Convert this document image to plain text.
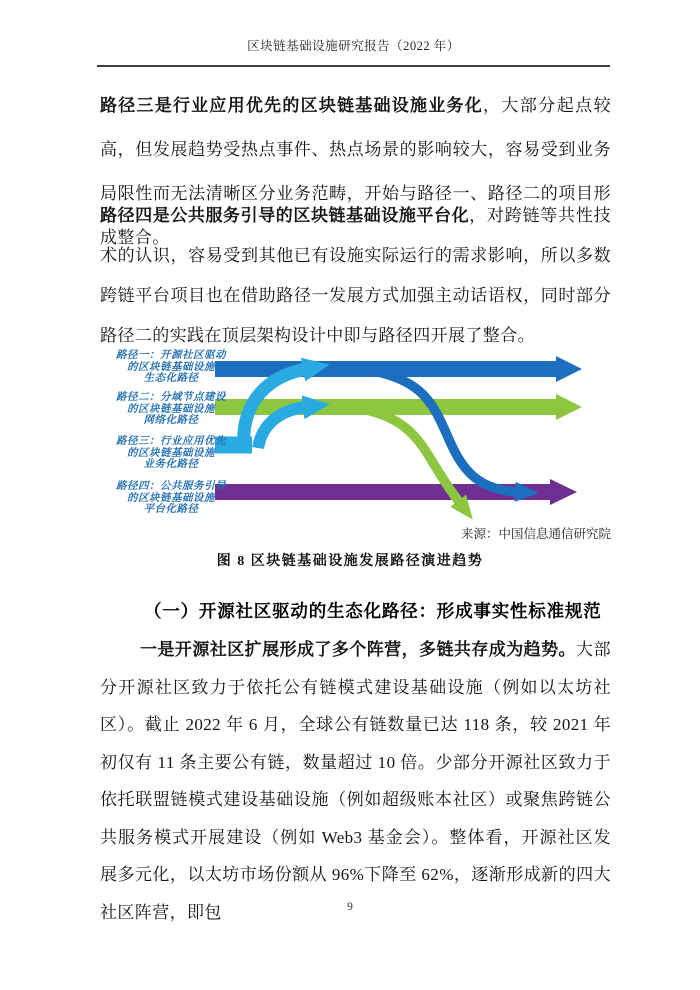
区块链基础设施研究报告（2022 年）
路径三是行业应用优先的区块链基础设施业务化，大部分起点较高，但发展趋势受热点事件、热点场景的影响较大，容易受到业务局限性而无法清晰区分业务范畴，开始与路径一、路径二的项目形成整合。
路径四是公共服务引导的区块链基础设施平台化，对跨链等共性技术的认识，容易受到其他已有设施实际运行的需求影响，所以多数跨链平台项目也在借助路径一发展方式加强主动话语权，同时部分路径二的实践在顶层架构设计中即与路径四开展了整合。
路径一：开源社区驱动
的区块链基础设施
生态化路径
路径二：分域节点建设
的区块链基础设施
网络化路径
路径三：行业应用优先
的区块链基础设施
业务化路径
路径四：公共服务引导
的区块链基础设施
平台化路径
来源：中国信息通信研究院
图 8 区块链基础设施发展路径演进趋势
（一）开源社区驱动的生态化路径：形成事实性标准规范
一是开源社区扩展形成了多个阵营，多链共存成为趋势。大部分开源社区致力于依托公有链模式建设基础设施（例如以太坊社区）。截止 2022 年 6 月，全球公有链数量已达 118 条，较 2021 年初仅有 11 条主要公有链，数量超过 10 倍。少部分开源社区致力于依托联盟链模式建设基础设施（例如超级账本社区）或聚焦跨链公共服务模式开展建设（例如 Web3 基金会）。整体看，开源社区发展多元化，以太坊市场份额从 96%下降至 62%，逐渐形成新的四大社区阵营，即包	9
